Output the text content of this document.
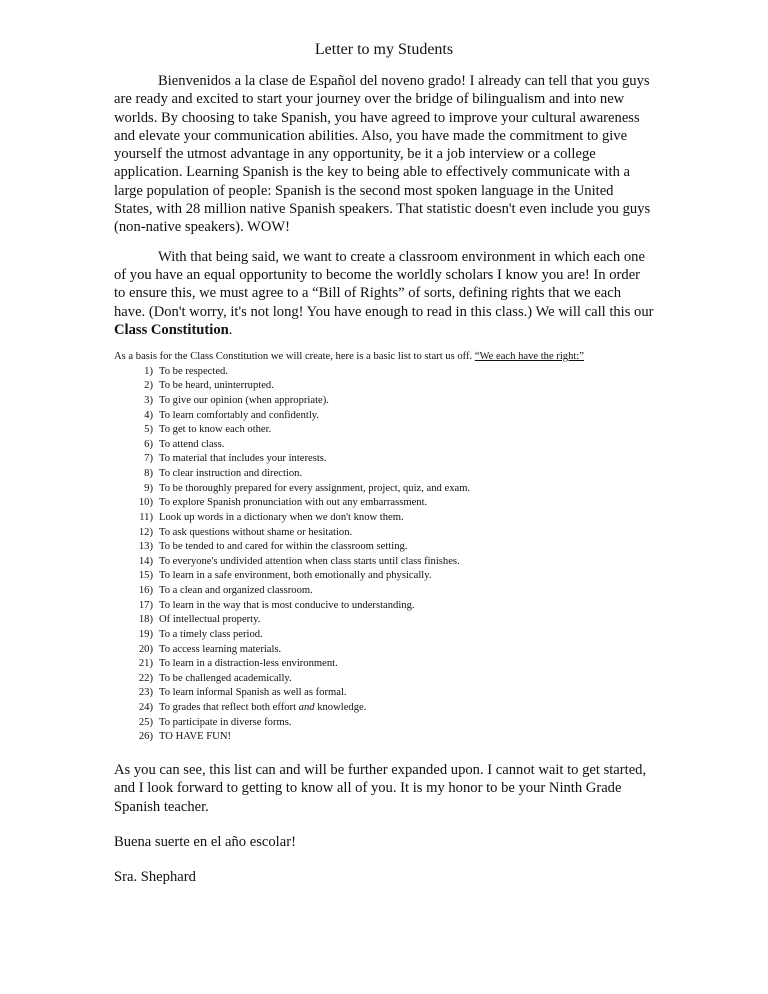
Letter to my Students

Bienvenidos a la clase de Español del noveno grado! I already can tell that you guys are ready and excited to start your journey over the bridge of bilingualism and into new worlds. By choosing to take Spanish, you have agreed to improve your cultural awareness and elevate your communication abilities. Also, you have made the commitment to give yourself the utmost advantage in any opportunity, be it a job interview or a college application. Learning Spanish is the key to being able to effectively communicate with a large population of people: Spanish is the second most spoken language in the United States, with 28 million native Spanish speakers. That statistic doesn't even include you guys (non-native speakers). WOW!

With that being said, we want to create a classroom environment in which each one of you have an equal opportunity to become the worldly scholars I know you are! In order to ensure this, we must agree to a “Bill of Rights” of sorts, defining rights that we each have. (Don't worry, it's not long! You have enough to read in this class.) We will call this our Class Constitution.

As a basis for the Class Constitution we will create, here is a basic list to start us off. “We each have the right:”

1) To be respected.
2) To be heard, uninterrupted.
3) To give our opinion (when appropriate).
4) To learn comfortably and confidently.
5) To get to know each other.
6) To attend class.
7) To material that includes your interests.
8) To clear instruction and direction.
9) To be thoroughly prepared for every assignment, project, quiz, and exam.
10) To explore Spanish pronunciation with out any embarrassment.
11) Look up words in a dictionary when we don't know them.
12) To ask questions without shame or hesitation.
13) To be tended to and cared for within the classroom setting.
14) To everyone's undivided attention when class starts until class finishes.
15) To learn in a safe environment, both emotionally and physically.
16) To a clean and organized classroom.
17) To learn in the way that is most conducive to understanding.
18) Of intellectual property.
19) To a timely class period.
20) To access learning materials.
21) To learn in a distraction-less environment.
22) To be challenged academically.
23) To learn informal Spanish as well as formal.
24) To grades that reflect both effort and knowledge.
25) To participate in diverse forms.
26) TO HAVE FUN!

As you can see, this list can and will be further expanded upon. I cannot wait to get started, and I look forward to getting to know all of you. It is my honor to be your Ninth Grade Spanish teacher.

Buena suerte en el año escolar!

Sra. Shephard
